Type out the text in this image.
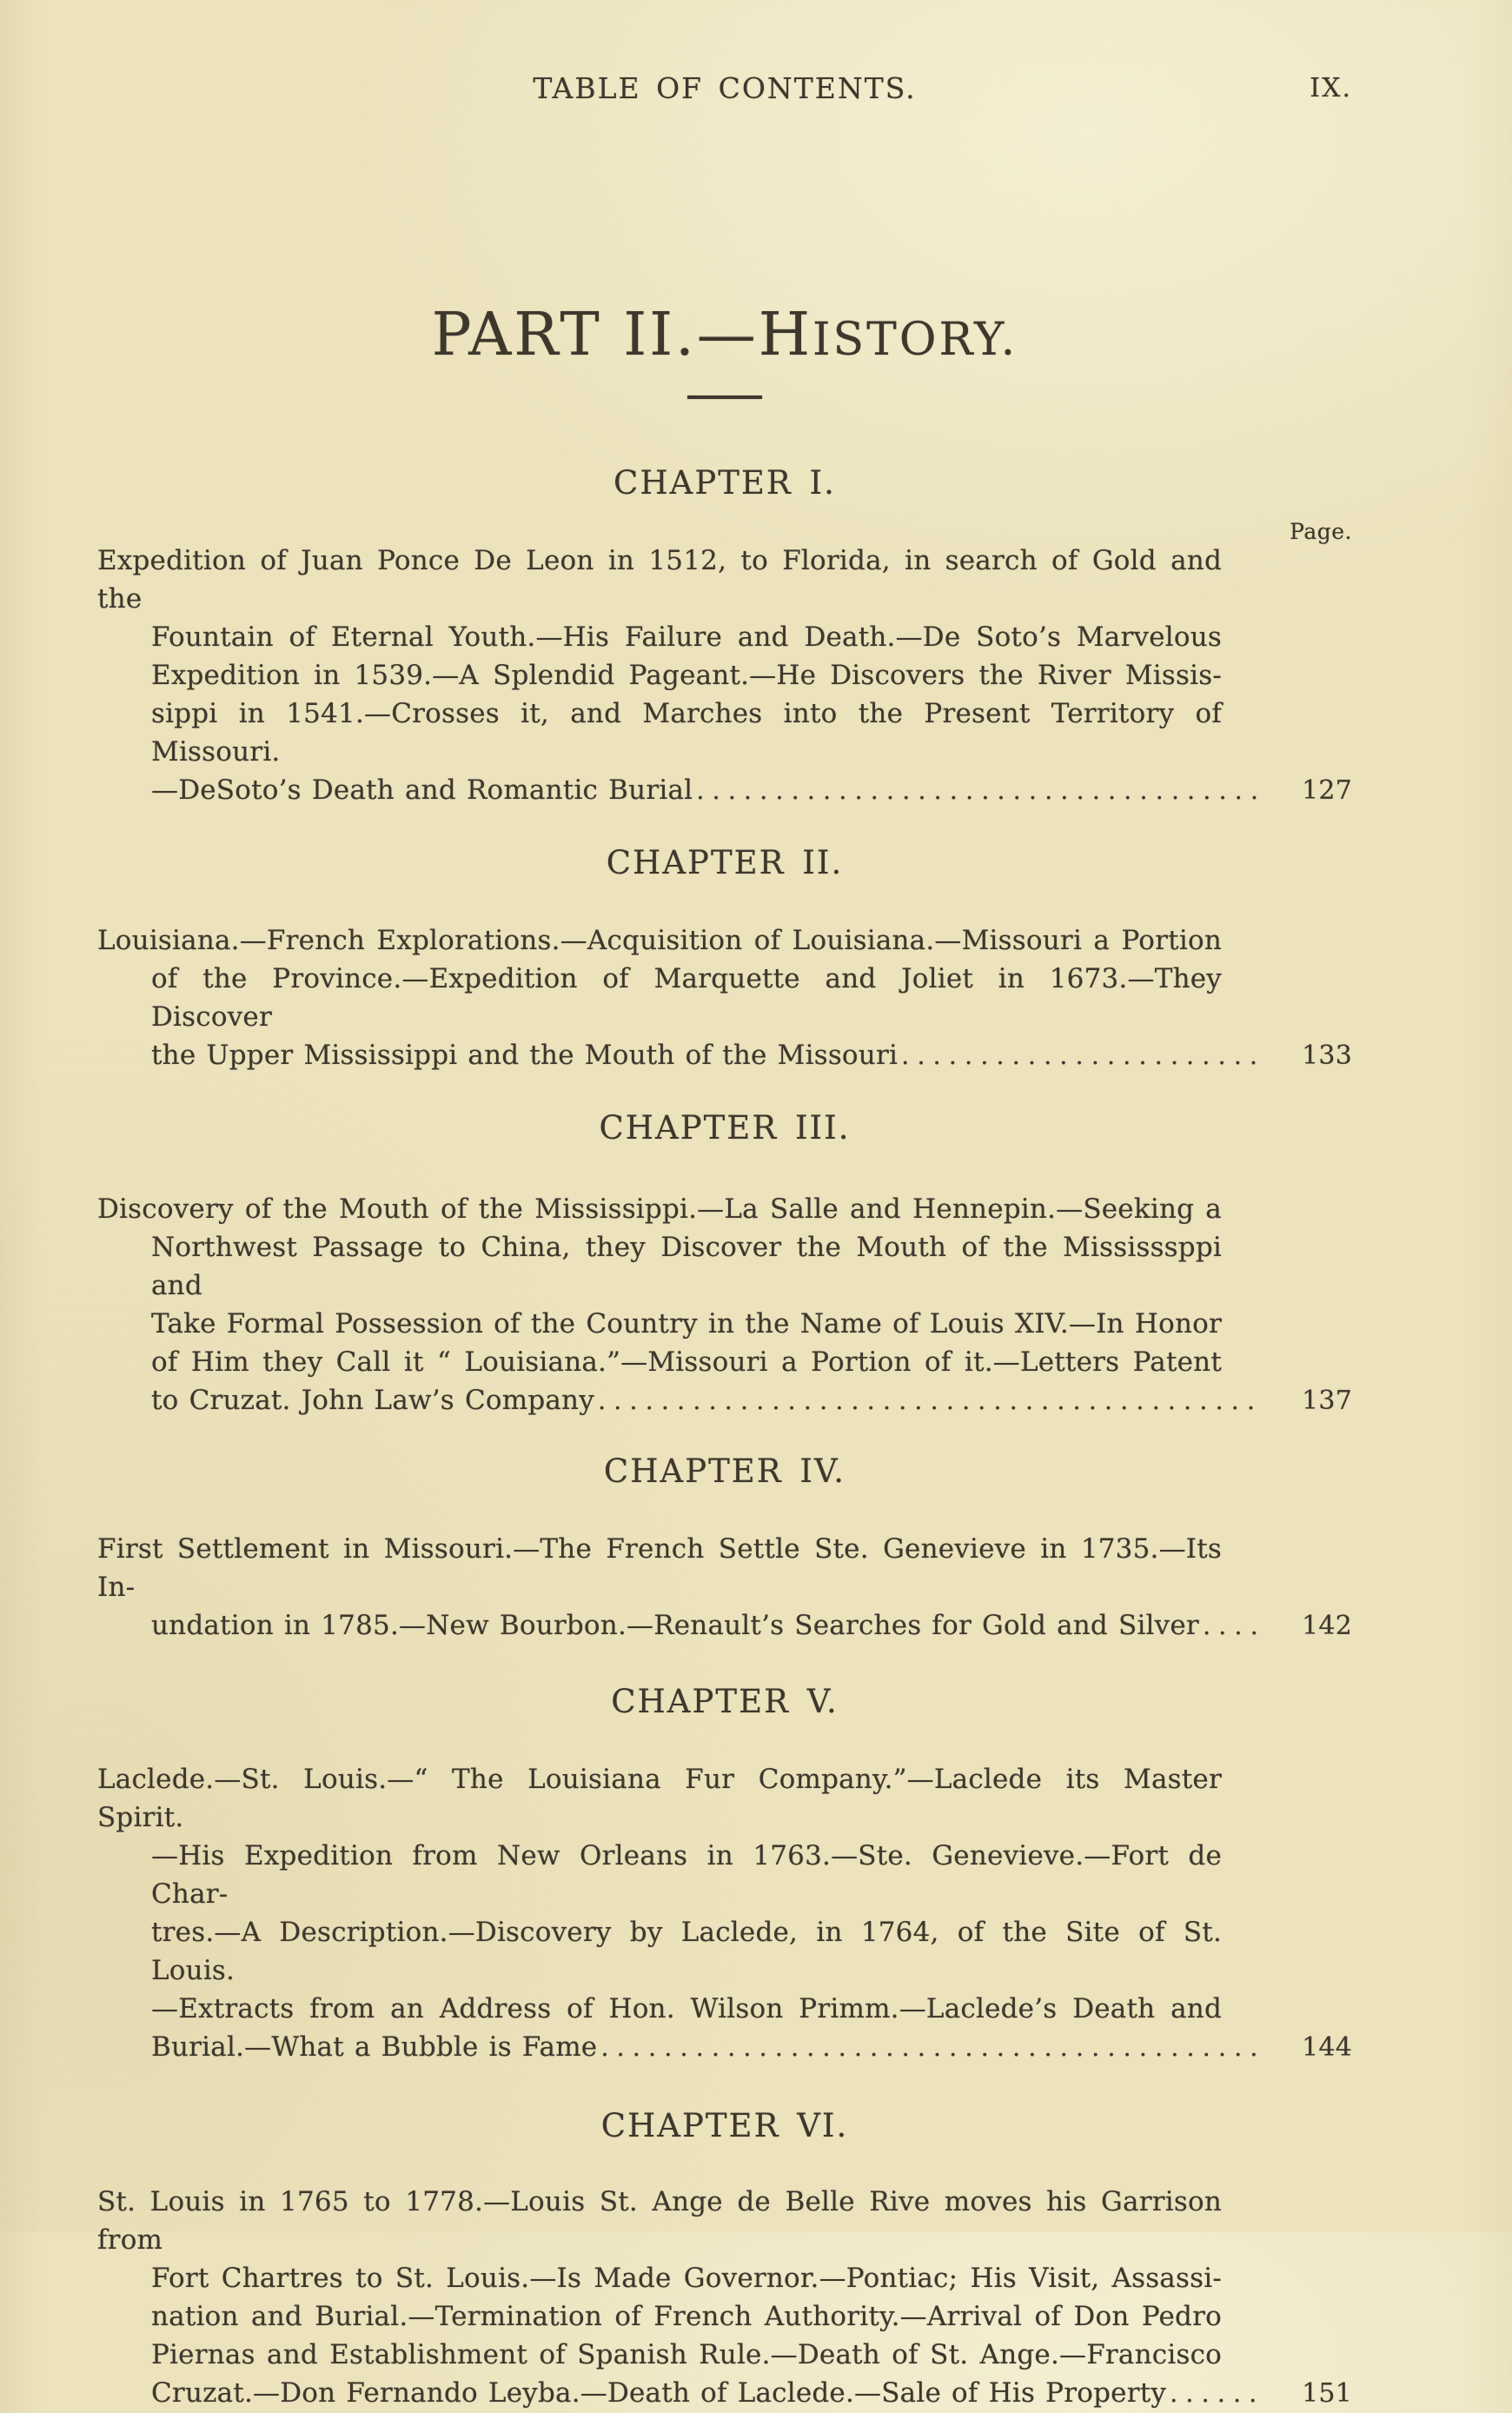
TABLE OF CONTENTS.	IX.
PART II.—HISTORY.
CHAPTER I.
Page.
Expedition of Juan Ponce De Leon in 1512, to Florida, in search of Gold and the
Fountain of Eternal Youth.—His Failure and Death.—De Soto’s Marvelous
Expedition in 1539.—A Splendid Pageant.—He Discovers the River Missis-
sippi in 1541.—Crosses it, and Marches into the Present Territory of Missouri.
—DeSoto’s Death and Romantic Burial .....	127
CHAPTER II.
Louisiana.—French Explorations.—Acquisition of Louisiana.—Missouri a Portion
of the Province.—Expedition of Marquette and Joliet in 1673.—They Discover
the Upper Mississippi and the Mouth of the Missouri .....	133
CHAPTER III.
Discovery of the Mouth of the Mississippi.—La Salle and Hennepin.—Seeking a
Northwest Passage to China, they Discover the Mouth of the Mississsppi and
Take Formal Possession of the Country in the Name of Louis XIV.—In Honor
of Him they Call it “ Louisiana.”—Missouri a Portion of it.—Letters Patent
to Cruzat. John Law’s Company .....	137
CHAPTER IV.
First Settlement in Missouri.—The French Settle Ste. Genevieve in 1735.—Its In-
undation in 1785.—New Bourbon.—Renault’s Searches for Gold and Silver .....	142
CHAPTER V.
Laclede.—St. Louis.—“ The Louisiana Fur Company.”—Laclede its Master Spirit.
—His Expedition from New Orleans in 1763.—Ste. Genevieve.—Fort de Char-
tres.—A Description.—Discovery by Laclede, in 1764, of the Site of St. Louis.
—Extracts from an Address of Hon. Wilson Primm.—Laclede’s Death and
Burial.—What a Bubble is Fame .....	144
CHAPTER VI.
St. Louis in 1765 to 1778.—Louis St. Ange de Belle Rive moves his Garrison from
Fort Chartres to St. Louis.—Is Made Governor.—Pontiac; His Visit, Assassi-
nation and Burial.—Termination of French Authority.—Arrival of Don Pedro
Piernas and Establishment of Spanish Rule.—Death of St. Ange.—Francisco
Cruzat.—Don Fernando Leyba.—Death of Laclede.—Sale of His Property .....	151
